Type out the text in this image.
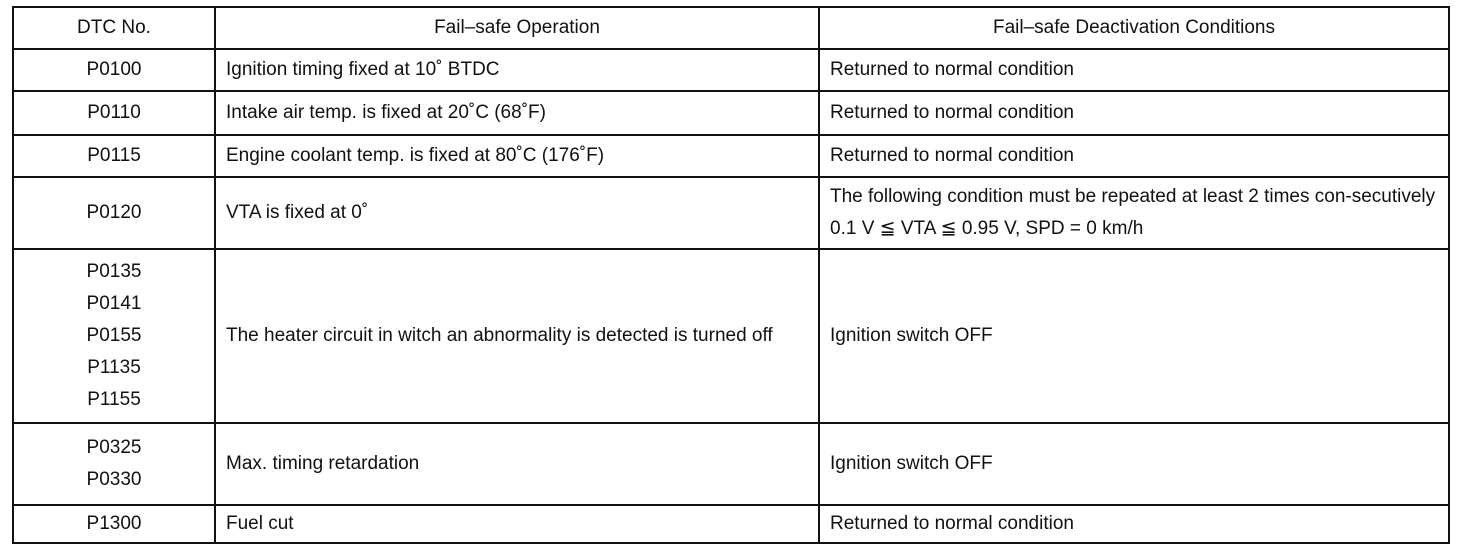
DTC No.	Fail–safe Operation	Fail–safe Deactivation Conditions

P0100	Ignition timing fixed at 10˚ BTDC	Returned to normal condition

P0110	Intake air temp. is fixed at 20˚C (68˚F)	Returned to normal condition

P0115	Engine coolant temp. is fixed at 80˚C (176˚F)	Returned to normal condition

P0120	VTA is fixed at 0˚	The following condition must be repeated at least 2 times con-secutively 0.1 V ≦ VTA ≦ 0.95 V, SPD = 0 km/h

P0135
P0141
P0155
P1135
P1155	The heater circuit in witch an abnormality is detected is turned off	Ignition switch OFF

P0325
P0330	Max. timing retardation	Ignition switch OFF

P1300	Fuel cut	Returned to normal condition
